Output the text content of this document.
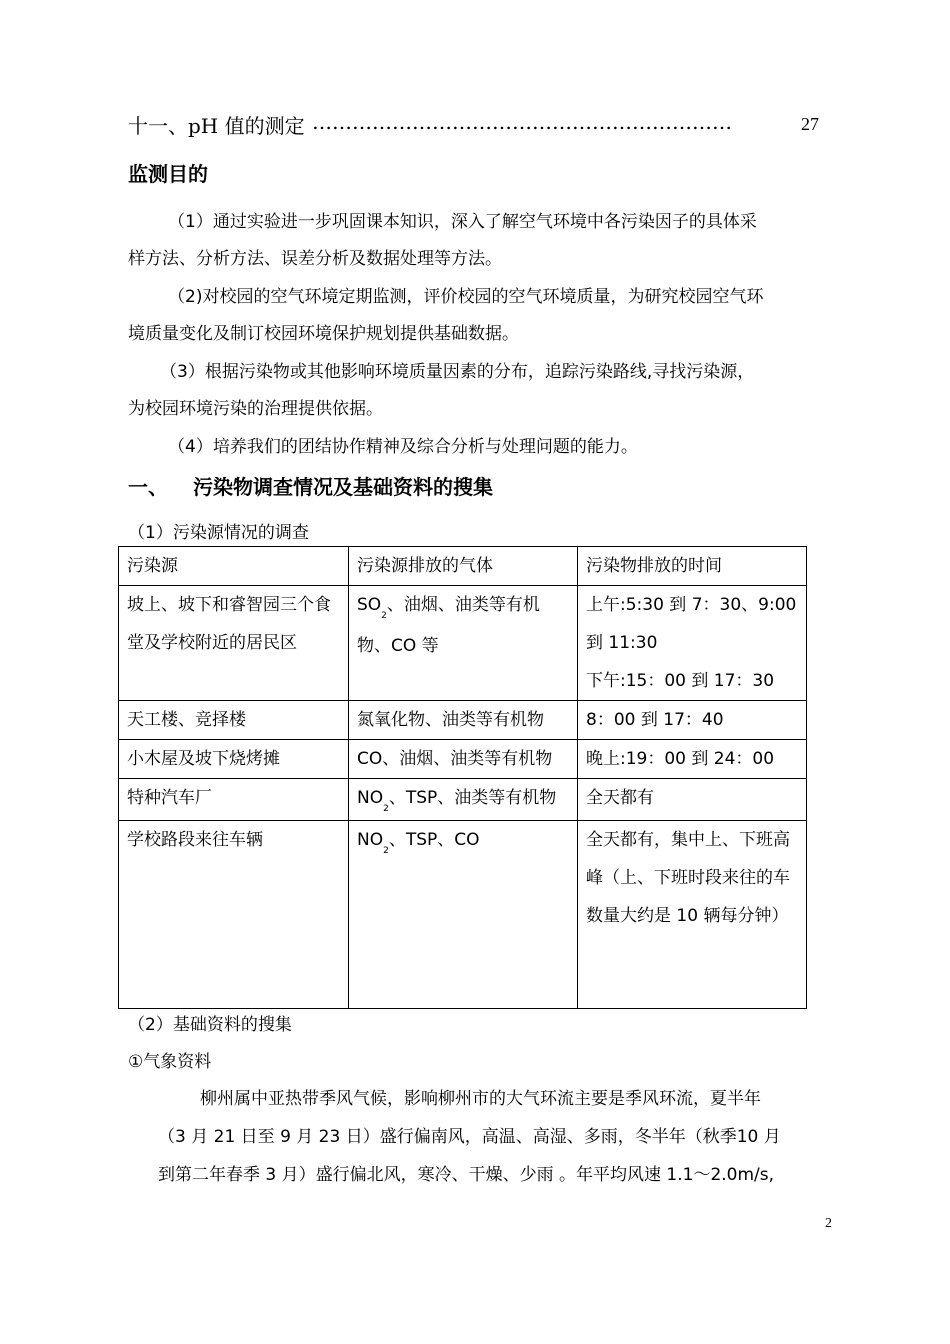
十一、pH 值的测定 ………………………………………………………	27
监测目的
（1）通过实验进一步巩固课本知识，深入了解空气环境中各污染因子的具体采
样方法、分析方法、误差分析及数据处理等方法。
（2)对校园的空气环境定期监测，评价校园的空气环境质量，为研究校园空气环
境质量变化及制订校园环境保护规划提供基础数据。
（3）根据污染物或其他影响环境质量因素的分布，追踪污染路线,寻找污染源，
为校园环境污染的治理提供依据。
（4）培养我们的团结协作精神及综合分析与处理问题的能力。
一、 污染物调查情况及基础资料的搜集
（1）污染源情况的调查
污染源	污染源排放的气体	污染物排放的时间
坡上、坡下和睿智园三个食堂及学校附近的居民区	$SO_2$、油烟、油类等有机物、CO 等	上午:5:30 到 7：30、9:00
到 11:30
下午:15：00 到 17：30

天工楼、竞择楼	氮氧化物、油类等有机物	8：00 到 17：40
小木屋及坡下烧烤摊	CO、油烟、油类等有机物	晚上:19：00 到 24：00
特种汽车厂	$NO_2$、TSP、油类等有机物	全天都有
学校路段来往车辆	$NO_2$、TSP、CO	全天都有，集中上、下班高峰（上、下班时段来往的车数量大约是 10 辆每分钟）
（2）基础资料的搜集
①气象资料
柳州属中亚热带季风气候，影响柳州市的大气环流主要是季风环流，夏半年
（3 月 21 日至 9 月 23 日）盛行偏南风，高温、高湿、多雨，冬半年（秋季10 月
到第二年春季 3 月）盛行偏北风，寒冷、干燥、少雨 。年平均风速 1.1～2.0m/s,
2
